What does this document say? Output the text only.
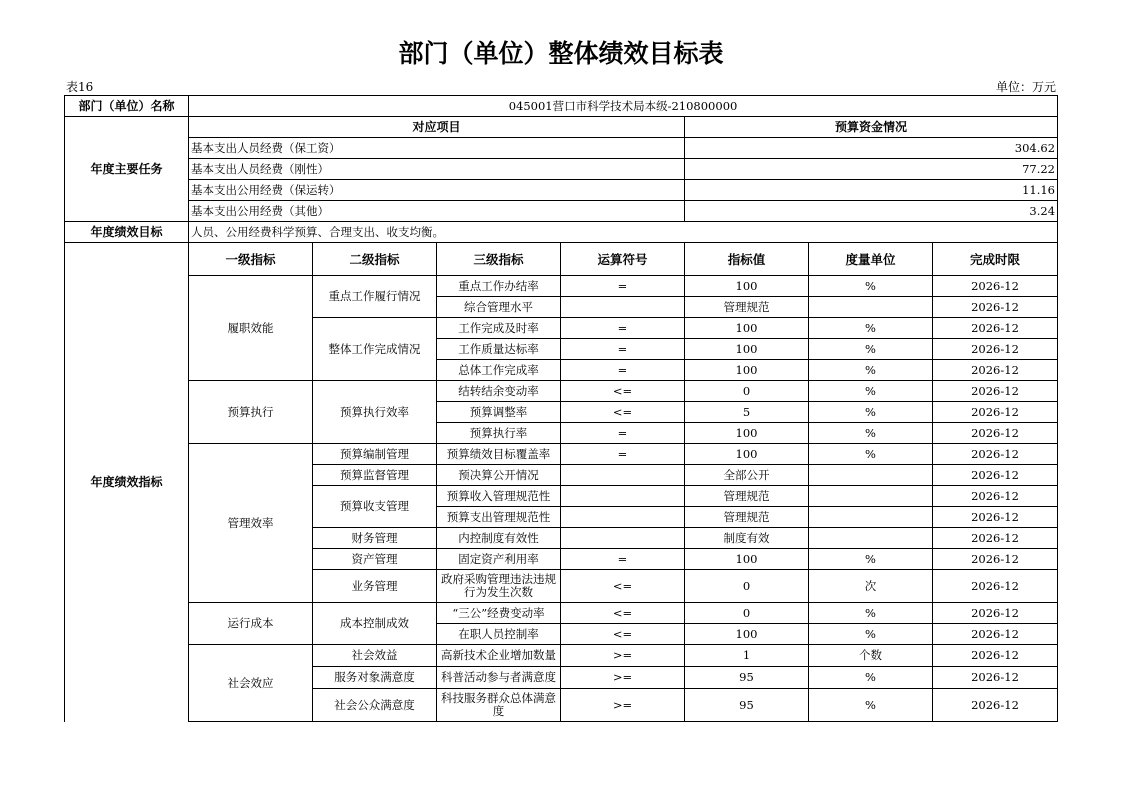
部门（单位）整体绩效目标表
表16	单位：万元
部门（单位）名称	045001营口市科学技术局本级-210800000						
年度主要任务	对应项目				预算资金情况		
	基本支出人员经费（保工资）				304.62		
	基本支出人员经费（刚性）				77.22		
	基本支出公用经费（保运转）				11.16		
	基本支出公用经费（其他）				3.24		
年度绩效目标	人员、公用经费科学预算、合理支出、收支均衡。						
年度绩效指标	一级指标	二级指标	三级指标	运算符号	指标值	度量单位	完成时限
	履职效能	重点工作履行情况	重点工作办结率	=	100	%	2026-12
			综合管理水平		管理规范		2026-12
		整体工作完成情况	工作完成及时率	=	100	%	2026-12
			工作质量达标率	=	100	%	2026-12
			总体工作完成率	=	100	%	2026-12
	预算执行	预算执行效率	结转结余变动率	<=	0	%	2026-12
			预算调整率	<=	5	%	2026-12
			预算执行率	=	100	%	2026-12
	管理效率	预算编制管理	预算绩效目标覆盖率	=	100	%	2026-12
		预算监督管理	预决算公开情况		全部公开		2026-12
		预算收支管理	预算收入管理规范性		管理规范		2026-12
			预算支出管理规范性		管理规范		2026-12
		财务管理	内控制度有效性		制度有效		2026-12
		资产管理	固定资产利用率	=	100	%	2026-12
		业务管理	政府采购管理违法违规行为发生次数	<=	0	次	2026-12
	运行成本	成本控制成效	“三公”经费变动率	<=	0	%	2026-12
			在职人员控制率	<=	100	%	2026-12
	社会效应	社会效益	高新技术企业增加数量	>=	1	个数	2026-12
		服务对象满意度	科普活动参与者满意度	>=	95	%	2026-12
		社会公众满意度	科技服务群众总体满意度	>=	95	%	2026-12
